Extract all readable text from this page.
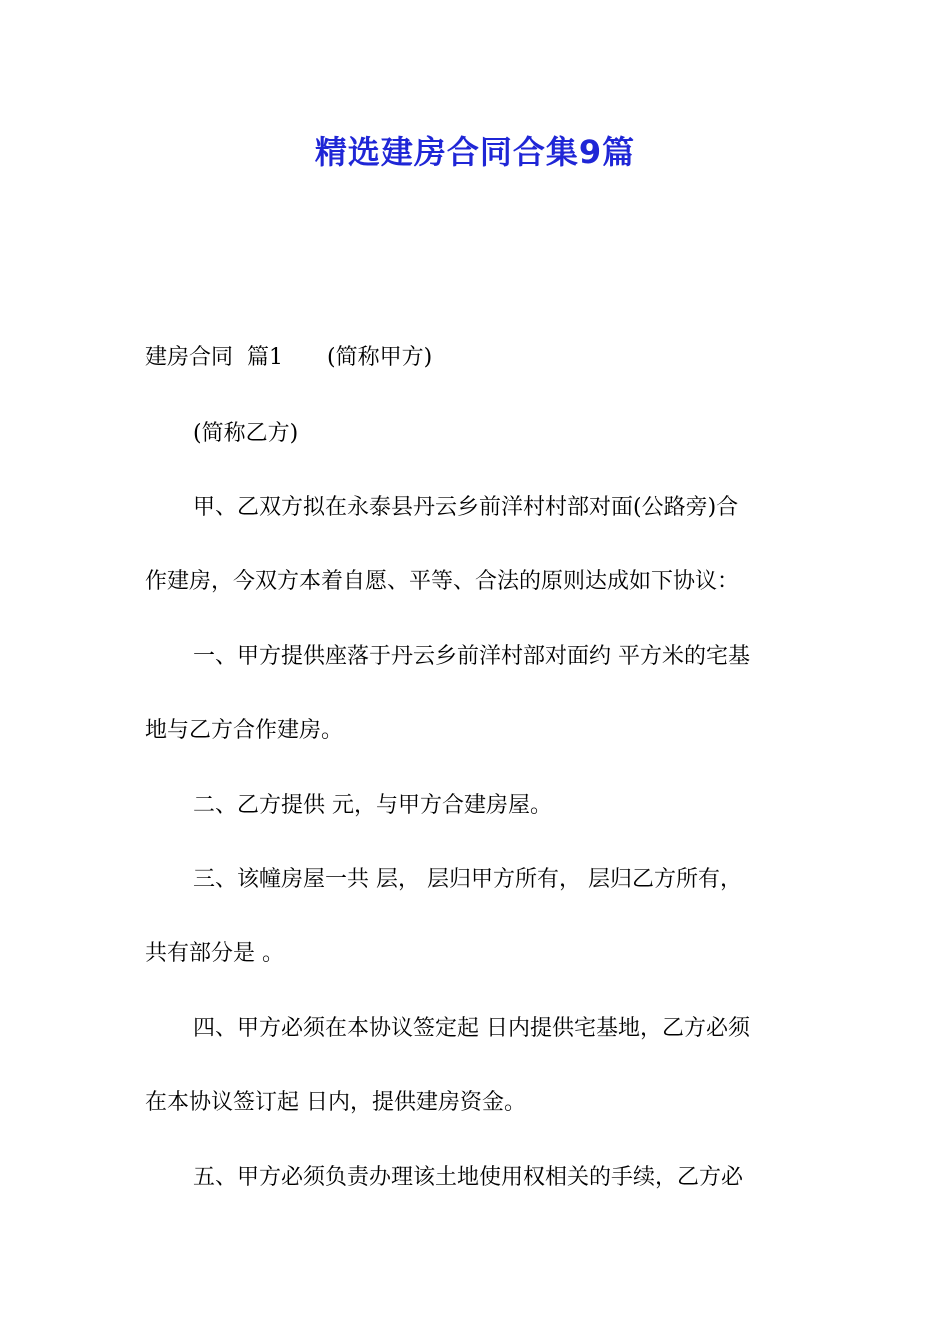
精选建房合同合集9篇
建房合同 篇1 (简称甲方)
(简称乙方)
甲、乙双方拟在永泰县丹云乡前洋村村部对面(公路旁)合
作建房，今双方本着自愿、平等、合法的原则达成如下协议：
一、甲方提供座落于丹云乡前洋村部对面约 平方米的宅基
地与乙方合作建房。
二、乙方提供 元，与甲方合建房屋。
三、该幢房屋一共 层， 层归甲方所有， 层归乙方所有，
共有部分是 。
四、甲方必须在本协议签定起 日内提供宅基地，乙方必须
在本协议签订起 日内，提供建房资金。
五、甲方必须负责办理该土地使用权相关的手续，乙方必
